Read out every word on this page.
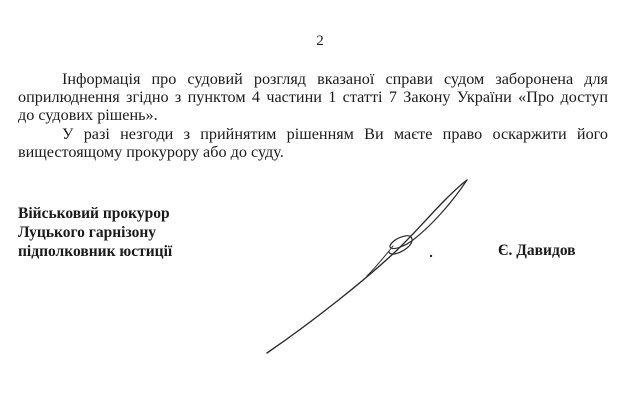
2

Інформація про судовий розгляд вказаної справи судом заборонена для
оприлюднення згідно з пунктом 4 частини 1 статті 7 Закону України «Про доступ
до судових рішень».

У разі незгоди з прийнятим рішенням Ви маєте право оскаржити його
вищестоящому прокурору або до суду.

Військовий прокурор
Луцького гарнізону
підполковник юстиції	Є. Давидов
